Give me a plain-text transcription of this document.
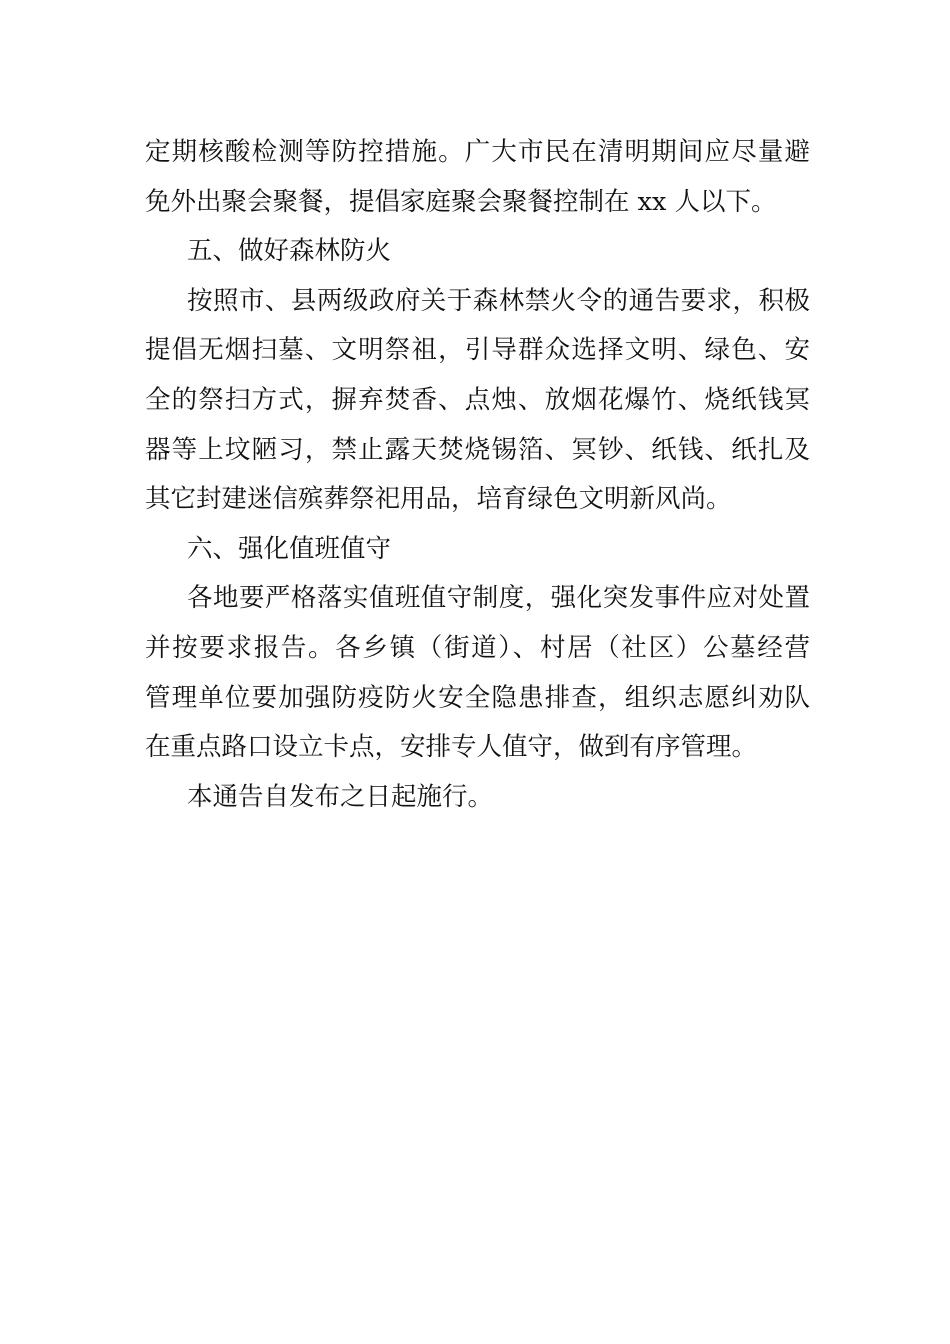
定期核酸检测等防控措施。广大市民在清明期间应尽量避
免外出聚会聚餐，提倡家庭聚会聚餐控制在 xx 人以下。
五、做好森林防火
按照市、县两级政府关于森林禁火令的通告要求，积极
提倡无烟扫墓、文明祭祖，引导群众选择文明、绿色、安
全的祭扫方式，摒弃焚香、点烛、放烟花爆竹、烧纸钱冥
器等上坟陋习，禁止露天焚烧锡箔、冥钞、纸钱、纸扎及
其它封建迷信殡葬祭祀用品，培育绿色文明新风尚。
六、强化值班值守
各地要严格落实值班值守制度，强化突发事件应对处置
并按要求报告。各乡镇（街道）、村居（社区）公墓经营
管理单位要加强防疫防火安全隐患排查，组织志愿纠劝队
在重点路口设立卡点，安排专人值守，做到有序管理。
本通告自发布之日起施行。
